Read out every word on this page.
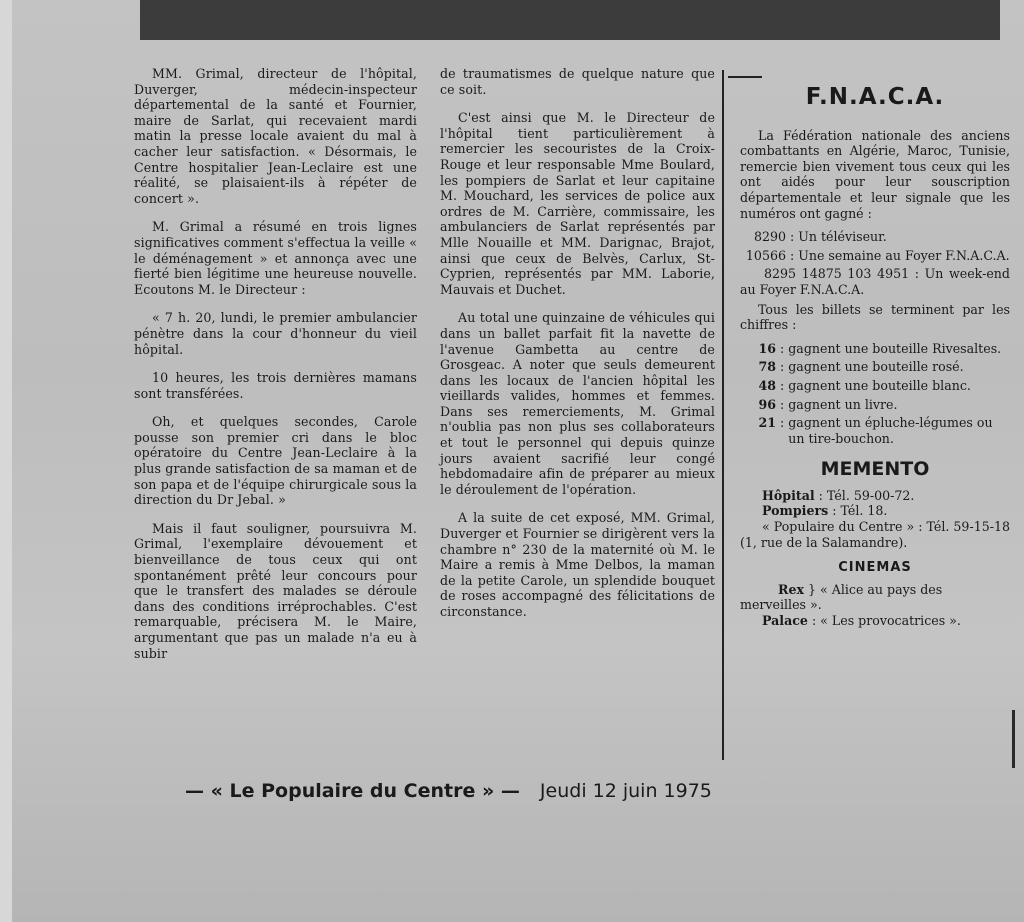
MM. Grimal, directeur de l'hôpital, Duverger, médecin-inspecteur départemental de la santé et Fournier, maire de Sarlat, qui recevaient mardi matin la presse locale avaient du mal à cacher leur satisfaction. « Désormais, le Centre hospitalier Jean-Leclaire est une réalité, se plaisaient-ils à répéter de concert ».

M. Grimal a résumé en trois lignes significatives comment s'effectua la veille « le déménagement » et annonça avec une fierté bien légitime une heureuse nouvelle. Ecoutons M. le Directeur :

« 7 h. 20, lundi, le premier ambulancier pénètre dans la cour d'honneur du vieil hôpital.

10 heures, les trois dernières mamans sont transférées.

Oh, et quelques secondes, Carole pousse son premier cri dans le bloc opératoire du Centre Jean-Leclaire à la plus grande satisfaction de sa maman et de son papa et de l'équipe chirurgicale sous la direction du Dr Jebal. »

Mais il faut souligner, poursuivra M. Grimal, l'exemplaire dévouement et bienveillance de tous ceux qui ont spontanément prêté leur concours pour que le transfert des malades se déroule dans des conditions irréprochables. C'est remarquable, précisera M. le Maire, argumentant que pas un malade n'a eu à subir

de traumatismes de quelque nature que ce soit.

C'est ainsi que M. le Directeur de l'hôpital tient particulièrement à remercier les secouristes de la Croix-Rouge et leur responsable Mme Boulard, les pompiers de Sarlat et leur capitaine M. Mouchard, les services de police aux ordres de M. Carrière, commissaire, les ambulanciers de Sarlat représentés par Mlle Nouaille et MM. Darignac, Brajot, ainsi que ceux de Belvès, Carlux, St-Cyprien, représentés par MM. Laborie, Mauvais et Duchet.

Au total une quinzaine de véhicules qui dans un ballet parfait fit la navette de l'avenue Gambetta au centre de Grosgeac. A noter que seuls demeurent dans les locaux de l'ancien hôpital les vieillards valides, hommes et femmes. Dans ses remerciements, M. Grimal n'oublia pas non plus ses collaborateurs et tout le personnel qui depuis quinze jours avaient sacrifié leur congé hebdomadaire afin de préparer au mieux le déroulement de l'opération.

A la suite de cet exposé, MM. Grimal, Duverger et Fournier se dirigèrent vers la chambre n° 230 de la maternité où M. le Maire a remis à Mme Delbos, la maman de la petite Carole, un splendide bouquet de roses accompagné des félicitations de circonstance.

F.N.A.C.A.

La Fédération nationale des anciens combattants en Algérie, Maroc, Tunisie, remercie bien vivement tous ceux qui les ont aidés pour leur souscription départementale et leur signale que les numéros ont gagné :

8290 : Un téléviseur.
10566 : Une semaine au Foyer F.N.A.C.A.
8295 14875 103 4951 : Un week-end au Foyer F.N.A.C.A.

Tous les billets se terminent par les chiffres :

16 : gagnent une bouteille Rivesaltes.
78 : gagnent une bouteille rosé.
48 : gagnent une bouteille blanc.
96 : gagnent un livre.
21 : gagnent un épluche-légumes ou un tire-bouchon.
MEMENTO

Hôpital : Tél. 59-00-72.

Pompiers : Tél. 18.

« Populaire du Centre » : Tél. 59-15-18 (1, rue de la Salamandre).

CINEMAS

Rex } « Alice au pays des merveilles ».

Palace : « Les provocatrices ».

— « Le Populaire du Centre » — Jeudi 12 juin 1975
